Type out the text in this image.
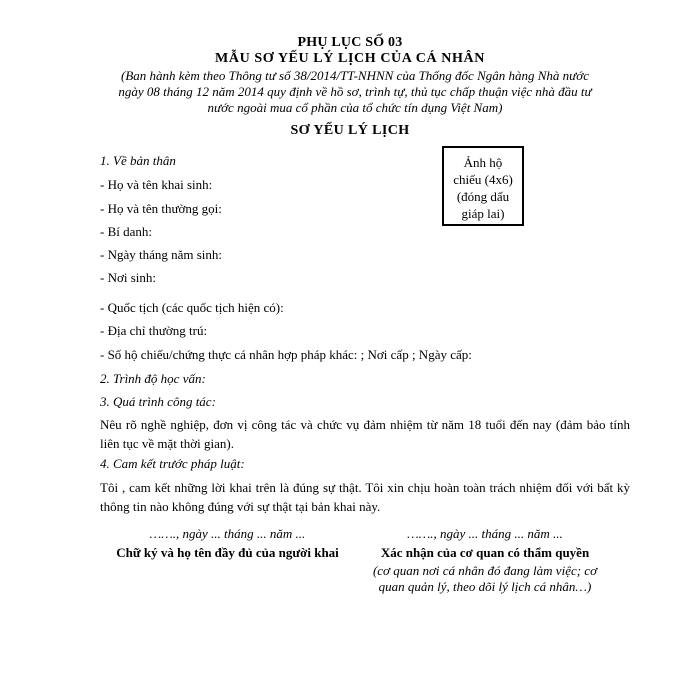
PHỤ LỤC SỐ 03
MẪU SƠ YẾU LÝ LỊCH CỦA CÁ NHÂN
(Ban hành kèm theo Thông tư số 38/2014/TT-NHNN của Thống đốc Ngân hàng Nhà nước
ngày 08 tháng 12 năm 2014 quy định về hồ sơ, trình tự, thủ tục chấp thuận việc nhà đầu tư
nước ngoài mua cổ phần của tổ chức tín dụng Việt Nam)
SƠ YẾU LÝ LỊCH
Ảnh hộ
chiếu (4x6)
(đóng dấu
giáp lai)
1. Về bản thân
- Họ và tên khai sinh:
- Họ và tên thường gọi:
- Bí danh:
- Ngày tháng năm sinh:
- Nơi sinh:
- Quốc tịch (các quốc tịch hiện có):
- Địa chỉ thường trú:
- Số hộ chiếu/chứng thực cá nhân hợp pháp khác: ; Nơi cấp ; Ngày cấp:
2. Trình độ học vấn:
3. Quá trình công tác:
Nêu rõ nghề nghiệp, đơn vị công tác và chức vụ đảm nhiệm từ năm 18 tuổi đến nay (đảm bảo tính liên tục về mặt thời gian).
4. Cam kết trước pháp luật:
Tôi , cam kết những lời khai trên là đúng sự thật. Tôi xin chịu hoàn toàn trách nhiệm đối với bất kỳ thông tin nào không đúng với sự thật tại bản khai này.
……., ngày ... tháng ... năm ...
Chữ ký và họ tên đầy đủ của người khai
……., ngày ... tháng ... năm ...
Xác nhận của cơ quan có thẩm quyền
(cơ quan nơi cá nhân đó đang làm việc; cơ
quan quản lý, theo dõi lý lịch cá nhân…)
